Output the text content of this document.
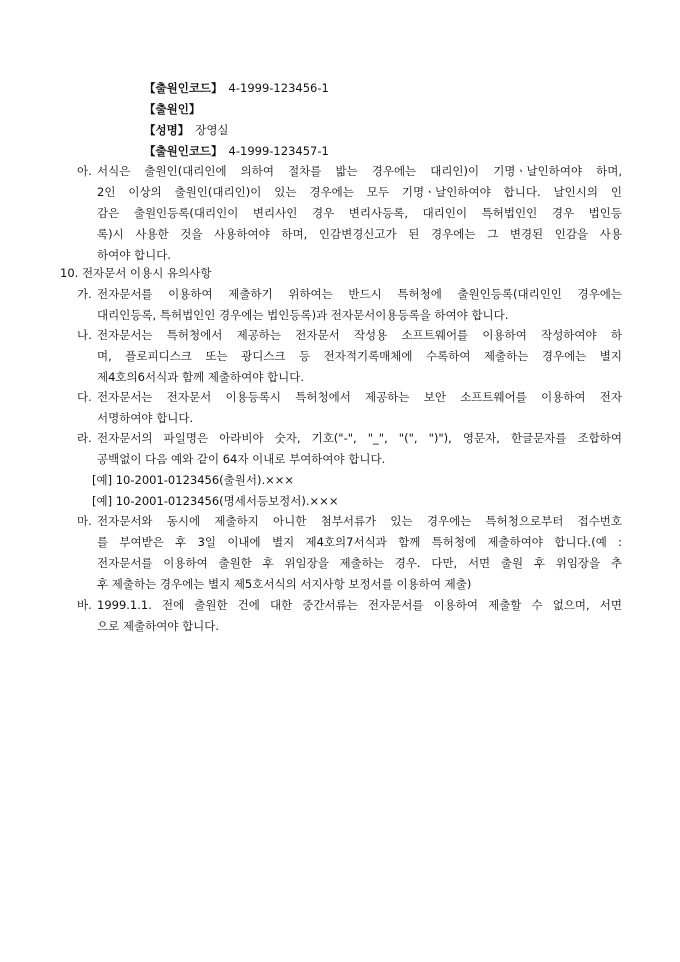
【출원인코드】 4-1999-123456-1
【출원인】
【성명】 장영실
【출원인코드】 4-1999-123457-1
아. 서식은 출원인(대리인에 의하여 절차를 밟는 경우에는 대리인)이 기명ㆍ날인하여야 하며,
2인 이상의 출원인(대리인)이 있는 경우에는 모두 기명ㆍ날인하여야 합니다. 날인시의 인
감은 출원인등록(대리인이 변리사인 경우 변리사등록, 대리인이 특허법인인 경우 법인등
록)시 사용한 것을 사용하여야 하며, 인감변경신고가 된 경우에는 그 변경된 인감을 사용
하여야 합니다.
10. 전자문서 이용시 유의사항
가. 전자문서를 이용하여 제출하기 위하여는 반드시 특허청에 출원인등록(대리인인 경우에는
대리인등록, 특허법인인 경우에는 법인등록)과 전자문서이용등록을 하여야 합니다.
나. 전자문서는 특허청에서 제공하는 전자문서 작성용 소프트웨어를 이용하여 작성하여야 하
며, 플로피디스크 또는 광디스크 등 전자적기록매체에 수록하여 제출하는 경우에는 별지
제4호의6서식과 함께 제출하여야 합니다.
다. 전자문서는 전자문서 이용등록시 특허청에서 제공하는 보안 소프트웨어를 이용하여 전자
서명하여야 합니다.
라. 전자문서의 파일명은 아라비아 숫자, 기호("-", "_", "(", ")"), 영문자, 한글문자를 조합하여
공백없이 다음 예와 같이 64자 이내로 부여하여야 합니다.
[예] 10-2001-0123456(출원서).×××
[예] 10-2001-0123456(명세서등보정서).×××
마. 전자문서와 동시에 제출하지 아니한 첨부서류가 있는 경우에는 특허청으로부터 접수번호
를 부여받은 후 3일 이내에 별지 제4호의7서식과 함께 특허청에 제출하여야 합니다.(예 :
전자문서를 이용하여 출원한 후 위임장을 제출하는 경우. 다만, 서면 출원 후 위임장을 추
후 제출하는 경우에는 별지 제5호서식의 서지사항 보정서를 이용하여 제출)
바. 1999.1.1. 전에 출원한 건에 대한 중간서류는 전자문서를 이용하여 제출할 수 없으며, 서면
으로 제출하여야 합니다.
